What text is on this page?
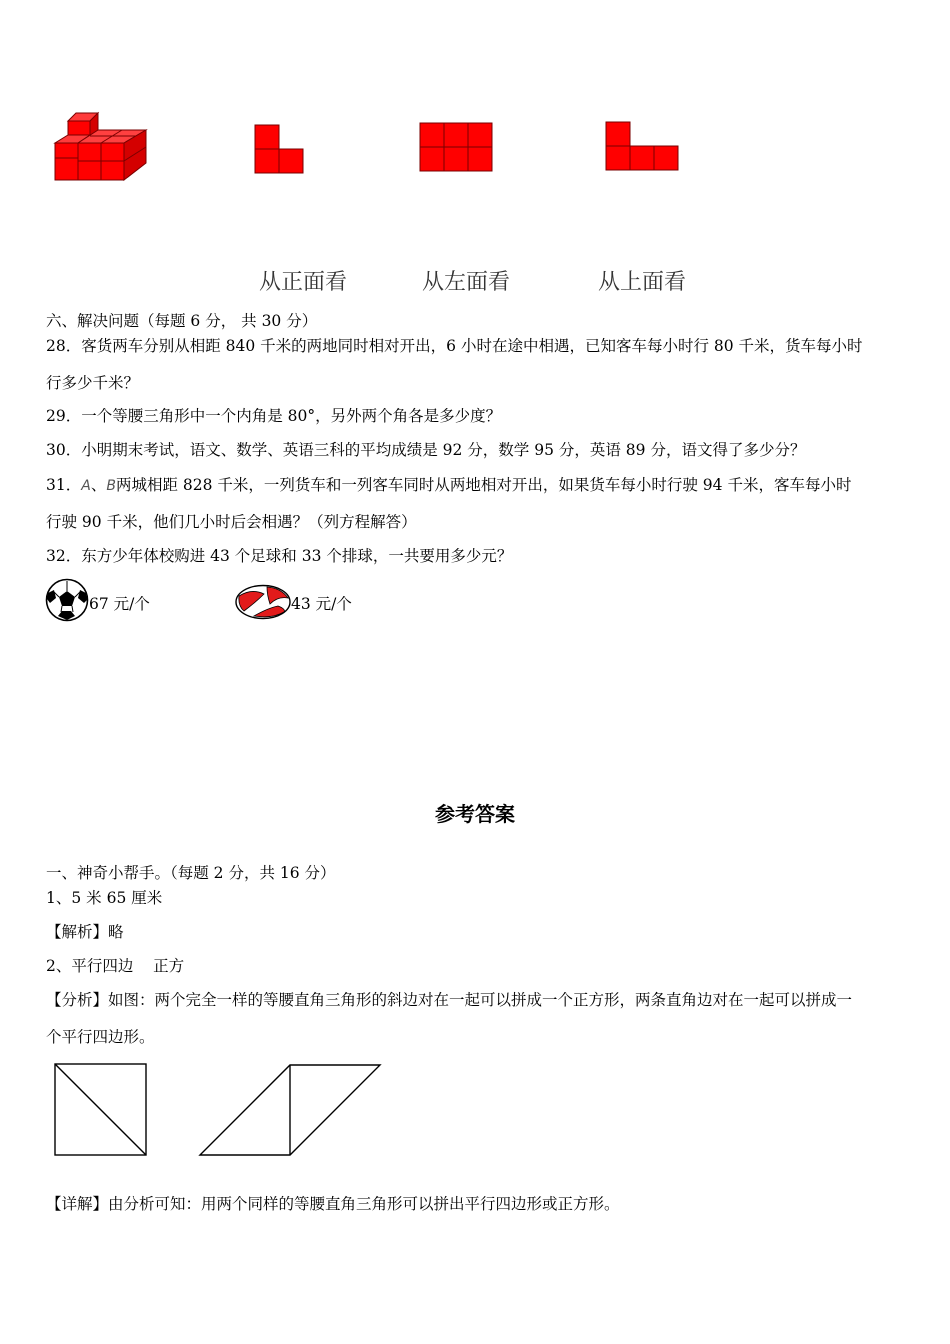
从正面看	从左面看	从上面看
六、解决问题（每题 6 分， 共 30 分）
28．客货两车分别从相距 840 千米的两地同时相对开出，6 小时在途中相遇，已知客车每小时行 80 千米，货车每小时
行多少千米？
29．一个等腰三角形中一个内角是 80°，另外两个角各是多少度？
30．小明期末考试，语文、数学、英语三科的平均成绩是 92 分，数学 95 分，英语 89 分，语文得了多少分？
31．A、B两城相距 828 千米，一列货车和一列客车同时从两地相对开出，如果货车每小时行驶 94 千米，客车每小时
行驶 90 千米，他们几小时后会相遇？（列方程解答）
32．东方少年体校购进 43 个足球和 33 个排球，一共要用多少元？
67 元/个	43 元/个
参考答案
一、神奇小帮手。（每题 2 分，共 16 分）
1、5 米 65 厘米
【解析】略
2、平行四边    正方
【分析】如图：两个完全一样的等腰直角三角形的斜边对在一起可以拼成一个正方形，两条直角边对在一起可以拼成一
个平行四边形。
【详解】由分析可知：用两个同样的等腰直角三角形可以拼出平行四边形或正方形。
